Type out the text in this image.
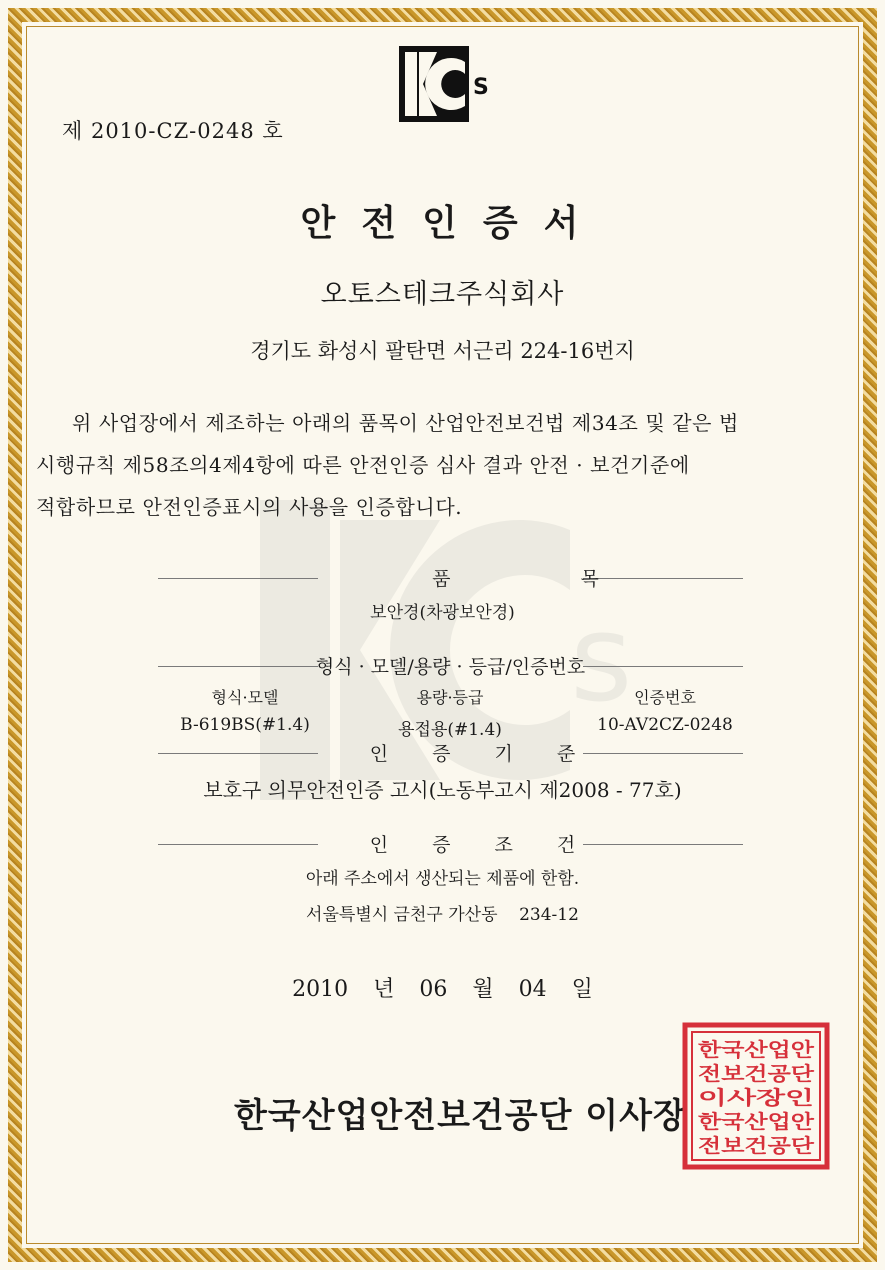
s
S
제 2010-CZ-0248 호
안전인증서
오토스테크주식회사
경기도 화성시 팔탄면 서근리 224-16번지
위 사업장에서 제조하는 아래의 품목이 산업안전보건법 제34조 및 같은 법
시행규칙 제58조의4제4항에 따른 안전인증 심사 결과 안전 · 보건기준에
적합하므로 안전인증표시의 사용을 인증합니다.
품목
보안경(차광보안경)
형식 · 모델/용량 · 등급/인증번호
형식·모델	용량·등급	인증번호
B-619BS(#1.4)	용접용(#1.4)	10-AV2CZ-0248
인증기준
보호구 의무안전인증 고시(노동부고시 제2008 - 77호)
인증조건
아래 주소에서 생산되는 제품에 한함.
서울특별시 금천구 가산동    234-12
2010 년 06 월 04 일
한국산업안전보건공단 이사장
한국산업안
전보건공단
이사장인
한국산업안
전보건공단
